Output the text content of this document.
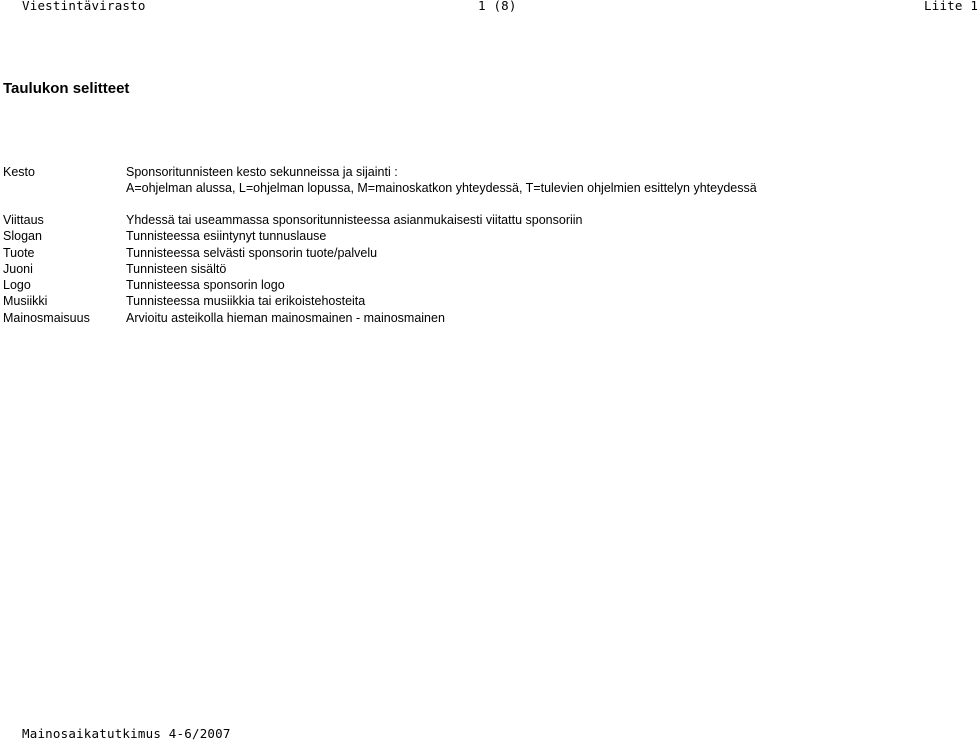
Viestintävirasto	1 (8)	Liite 1
Taulukon selitteet
Kesto	Sponsoritunnisteen kesto sekunneissa ja sijainti :
A=ohjelman alussa, L=ohjelman lopussa, M=mainoskatkon yhteydessä, T=tulevien ohjelmien esittelyn yhteydessä
Viittaus	Yhdessä tai useammassa sponsoritunnisteessa asianmukaisesti viitattu sponsoriin
Slogan	Tunnisteessa esiintynyt tunnuslause
Tuote	Tunnisteessa selvästi sponsorin tuote/palvelu
Juoni	Tunnisteen sisältö
Logo	Tunnisteessa sponsorin logo
Musiikki	Tunnisteessa musiikkia tai erikoistehosteita
Mainosmaisuus	Arvioitu asteikolla hieman mainosmainen - mainosmainen
Mainosaikatutkimus 4-6/2007
